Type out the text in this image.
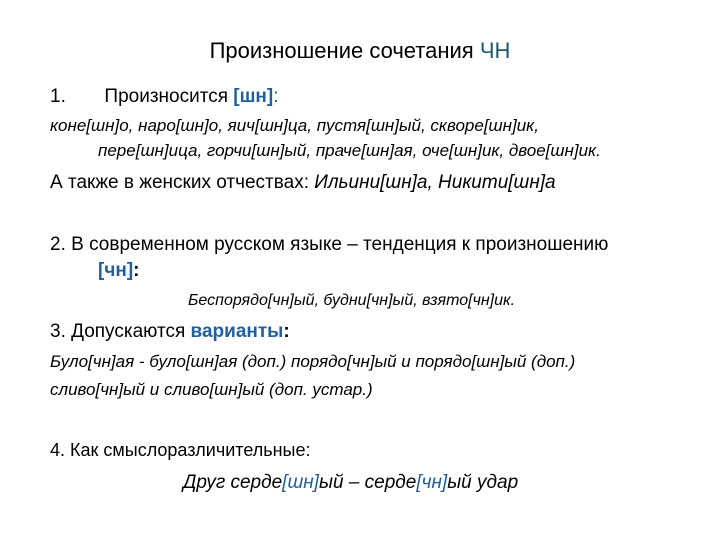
Произношение сочетания ЧН
1. Произносится [шн]:
коне[шн]о, наро[шн]о, яич[шн]ца, пустя[шн]ый, скворе[шн]ик,
пере[шн]ица, горчи[шн]ый, праче[шн]ая, оче[шн]ик, двое[шн]ик.
А также в женских отчествах: Ильини[шн]а, Никити[шн]а
2. В современном русском языке – тенденция к произношению
[чн]:
Беспорядо[чн]ый, будни[чн]ый, взято[чн]ик.
3. Допускаются варианты:
Було[чн]ая - було[шн]ая (доп.) порядо[чн]ый и порядо[шн]ый (доп.)
сливо[чн]ый и сливо[шн]ый (доп. устар.)
4. Как смыслоразличительные:
Друг серде[шн]ый – серде[чн]ый удар
